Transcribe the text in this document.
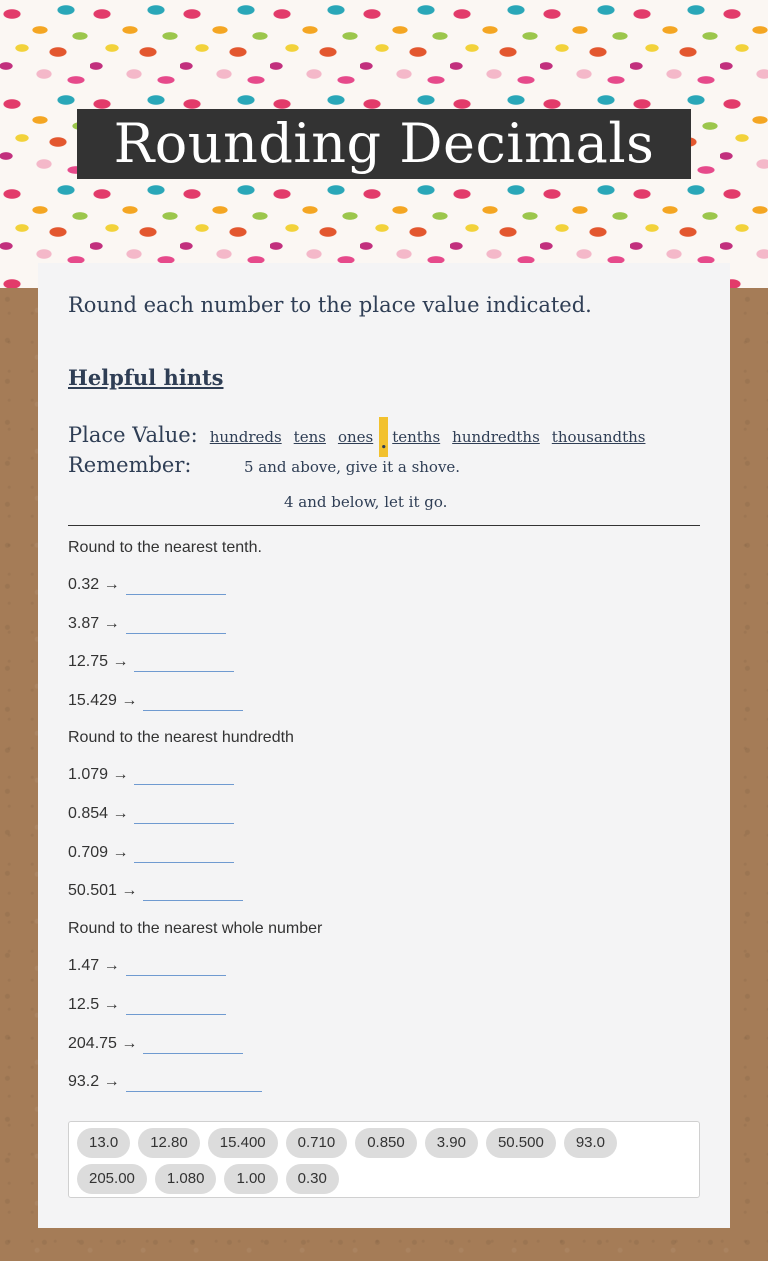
Rounding Decimals
Round each number to the place value indicated.
Helpful hints
Place Value: hundreds tens ones . tenths hundredths thousandths
Remember:	5 and above, give it a shove.
4 and below, let it go.
Round to the nearest tenth.
0.32 →
3.87 →
12.75 →
15.429 →
Round to the nearest hundredth
1.079 →
0.854 →
0.709 →
50.501 →
Round to the nearest whole number
1.47 →
12.5 →
204.75 →
93.2 →
13.0	12.80	15.400	0.710	0.850	3.90	50.500	93.0
205.00	1.080	1.00	0.30
